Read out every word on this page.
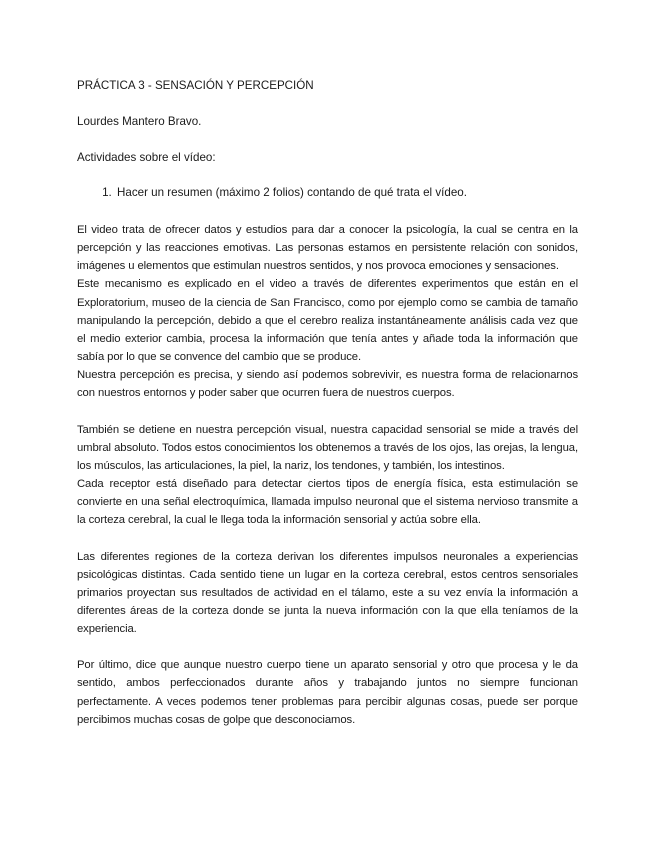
PRÁCTICA 3 - SENSACIÓN Y PERCEPCIÓN

Lourdes Mantero Bravo.

Actividades sobre el vídeo:

1. Hacer un resumen (máximo 2 folios) contando de qué trata el vídeo.

El video trata de ofrecer datos y estudios para dar a conocer la psicología, la cual se centra en la percepción y las reacciones emotivas. Las personas estamos en persistente relación con sonidos, imágenes u elementos que estimulan nuestros sentidos, y nos provoca emociones y sensaciones.

Este mecanismo es explicado en el video a través de diferentes experimentos que están en el Exploratorium, museo de la ciencia de San Francisco, como por ejemplo como se cambia de tamaño manipulando la percepción, debido a que el cerebro realiza instantáneamente análisis cada vez que el medio exterior cambia, procesa la información que tenía antes y añade toda la información que sabía por lo que se convence del cambio que se produce.

Nuestra percepción es precisa, y siendo así podemos sobrevivir, es nuestra forma de relacionarnos con nuestros entornos y poder saber que ocurren fuera de nuestros cuerpos.

También se detiene en nuestra percepción visual, nuestra capacidad sensorial se mide a través del umbral absoluto. Todos estos conocimientos los obtenemos a través de los ojos, las orejas, la lengua, los músculos, las articulaciones, la piel, la nariz, los tendones, y también, los intestinos.

Cada receptor está diseñado para detectar ciertos tipos de energía física, esta estimulación se convierte en una señal electroquímica, llamada impulso neuronal que el sistema nervioso transmite a la corteza cerebral, la cual le llega toda la información sensorial y actúa sobre ella.

Las diferentes regiones de la corteza derivan los diferentes impulsos neuronales a experiencias psicológicas distintas. Cada sentido tiene un lugar en la corteza cerebral, estos centros sensoriales primarios proyectan sus resultados de actividad en el tálamo, este a su vez envía la información a diferentes áreas de la corteza donde se junta la nueva información con la que ella teníamos de la experiencia.

Por último, dice que aunque nuestro cuerpo tiene un aparato sensorial y otro que procesa y le da sentido, ambos perfeccionados durante años y trabajando juntos no siempre funcionan perfectamente. A veces podemos tener problemas para percibir algunas cosas, puede ser porque percibimos muchas cosas de golpe que desconociamos.
